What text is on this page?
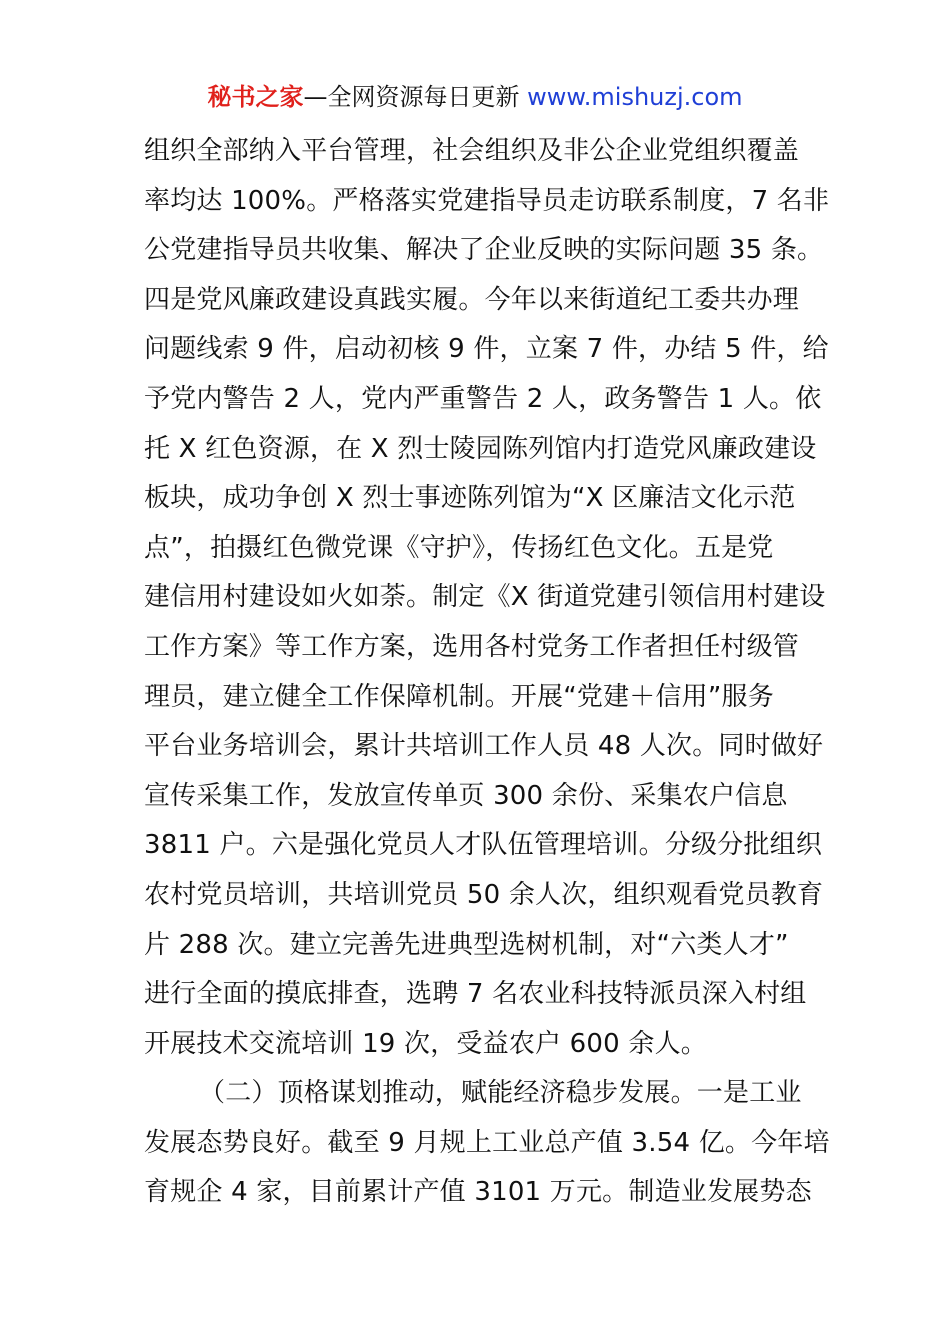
秘书之家—全网资源每日更新 www.mishuzj.com
组织全部纳入平台管理，社会组织及非公企业党组织覆盖
率均达 100%。严格落实党建指导员走访联系制度，7 名非
公党建指导员共收集、解决了企业反映的实际问题 35 条。
四是党风廉政建设真践实履。今年以来街道纪工委共办理
问题线索 9 件，启动初核 9 件，立案 7 件，办结 5 件，给
予党内警告 2 人，党内严重警告 2 人，政务警告 1 人。依
托 X 红色资源，在 X 烈士陵园陈列馆内打造党风廉政建设
板块，成功争创 X 烈士事迹陈列馆为“X 区廉洁文化示范
点”，拍摄红色微党课《守护》，传扬红色文化。五是党
建信用村建设如火如荼。制定《X 街道党建引领信用村建设
工作方案》等工作方案，选用各村党务工作者担任村级管
理员，建立健全工作保障机制。开展“党建＋信用”服务
平台业务培训会，累计共培训工作人员 48 人次。同时做好
宣传采集工作，发放宣传单页 300 余份、采集农户信息
3811 户。六是强化党员人才队伍管理培训。分级分批组织
农村党员培训，共培训党员 50 余人次，组织观看党员教育
片 288 次。建立完善先进典型选树机制，对“六类人才”
进行全面的摸底排查，选聘 7 名农业科技特派员深入村组
开展技术交流培训 19 次，受益农户 600 余人。
（二）顶格谋划推动，赋能经济稳步发展。一是工业
发展态势良好。截至 9 月规上工业总产值 3.54 亿。今年培
育规企 4 家，目前累计产值 3101 万元。制造业发展势态
